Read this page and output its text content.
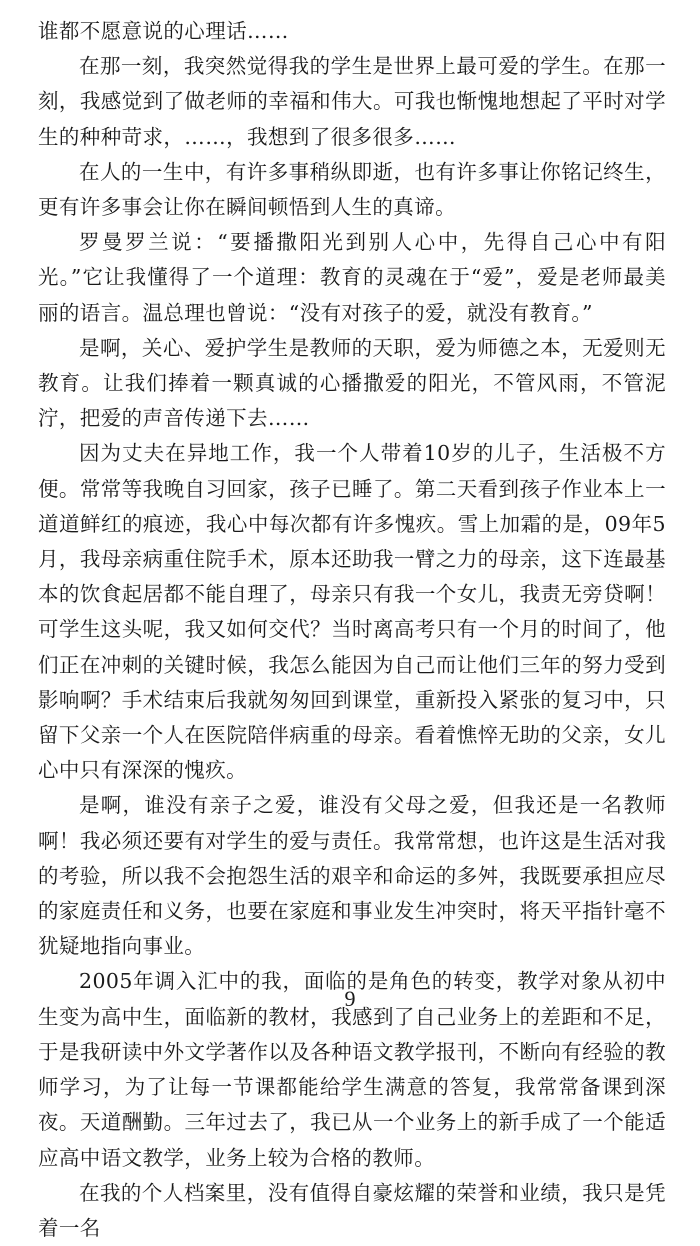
谁都不愿意说的心理话……

在那一刻，我突然觉得我的学生是世界上最可爱的学生。在那一刻，我感觉到了做老师的幸福和伟大。可我也惭愧地想起了平时对学生的种种苛求，……，我想到了很多很多……

在人的一生中，有许多事稍纵即逝，也有许多事让你铭记终生，更有许多事会让你在瞬间顿悟到人生的真谛。

罗曼罗兰说：“要播撒阳光到别人心中，先得自己心中有阳光。”它让我懂得了一个道理：教育的灵魂在于“爱”，爱是老师最美丽的语言。温总理也曾说：“没有对孩子的爱，就没有教育。”

是啊，关心、爱护学生是教师的天职，爱为师德之本，无爱则无教育。让我们捧着一颗真诚的心播撒爱的阳光，不管风雨，不管泥泞，把爱的声音传递下去……

因为丈夫在异地工作，我一个人带着10岁的儿子，生活极不方便。常常等我晚自习回家，孩子已睡了。第二天看到孩子作业本上一道道鲜红的痕迹，我心中每次都有许多愧疚。雪上加霜的是，09年5月，我母亲病重住院手术，原本还助我一臂之力的母亲，这下连最基本的饮食起居都不能自理了，母亲只有我一个女儿，我责无旁贷啊！可学生这头呢，我又如何交代？当时离高考只有一个月的时间了，他们正在冲刺的关键时候，我怎么能因为自己而让他们三年的努力受到影响啊？手术结束后我就匆匆回到课堂，重新投入紧张的复习中，只留下父亲一个人在医院陪伴病重的母亲。看着憔悴无助的父亲，女儿心中只有深深的愧疚。

是啊，谁没有亲子之爱，谁没有父母之爱，但我还是一名教师啊！我必须还要有对学生的爱与责任。我常常想，也许这是生活对我的考验，所以我不会抱怨生活的艰辛和命运的多舛，我既要承担应尽的家庭责任和义务，也要在家庭和事业发生冲突时，将天平指针毫不犹疑地指向事业。

2005年调入汇中的我，面临的是角色的转变，教学对象从初中生变为高中生，面临新的教材，我感到了自己业务上的差距和不足，于是我研读中外文学著作以及各种语文教学报刊，不断向有经验的教师学习，为了让每一节课都能给学生满意的答复，我常常备课到深夜。天道酬勤。三年过去了，我已从一个业务上的新手成了一个能适应高中语文教学，业务上较为合格的教师。

在我的个人档案里，没有值得自豪炫耀的荣誉和业绩，我只是凭着一名

9
